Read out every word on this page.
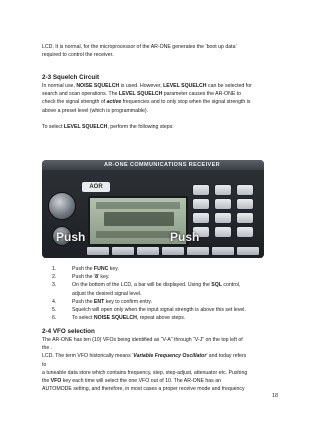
LCD. It is normal, for the microprocessor of the AR-ONE generates the ‘boot up data’

required to control the receiver.

2-3 Squelch Circuit

In normal use, NOISE SQUELCH is used. However, LEVEL SQUELCH can be selected for

search and scan operations. The LEVEL SQUELCH parameter causes the AR-ONE to

check the signal strength of active frequencies and to only stop when the signal strength is

above a preset level (which is programmable).

To select LEVEL SQUELCH, perform the following steps:

AR-ONE COMMUNICATIONS RECEIVER
AOR
Push	Push
1.	Push the FUNC key.
2.	Push the ‘8’ key.
3.	On the bottom of the LCD, a bar will be displayed. Using the SQL control,
adjust the desired signal level.
4.	Push the ENT key to confirm entry.
5.	Squelch will open only when the input signal strength is above this set level.
6.	To select NOISE SQUELCH, repeat above steps.
2-4 VFO selection

The AR-ONE has ten (10) VFOs being identified as “V-A” through “V-J” on the top left of

the .

LCD. The term VFO historically means ‘Variable Frequency Oscillator’ and today refers

to

a tuneable data store which contains frequency, step, step-adjust, attenuator etc. Pushing

the VFO key each time will select the one VFO out of 10. The AR-ONE has an

AUTOMODE setting, and therefore, in most cases a proper receive mode and frequency

18
